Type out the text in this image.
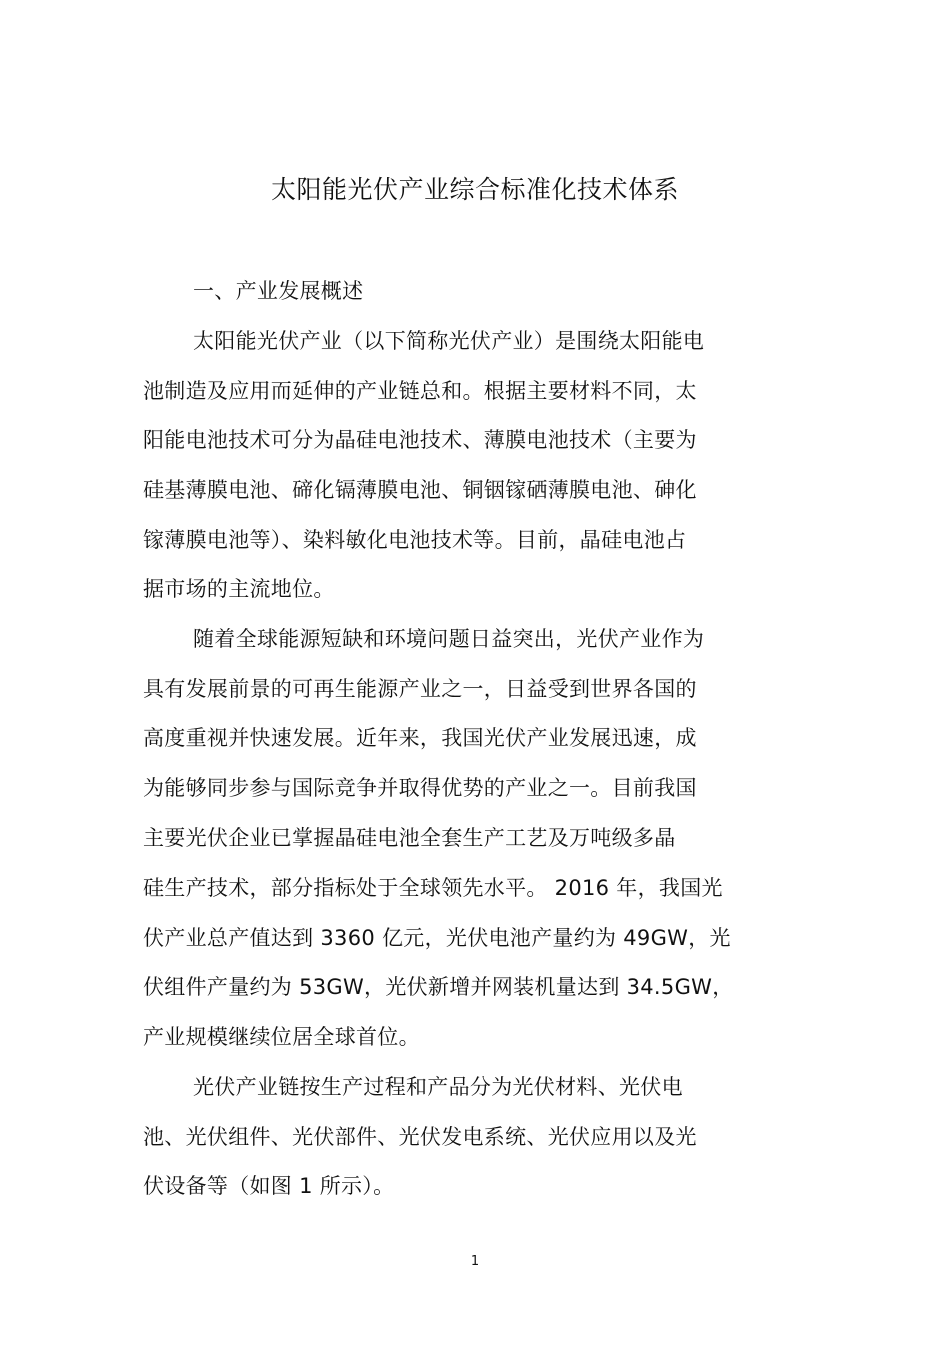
太阳能光伏产业综合标准化技术体系
一、产业发展概述
太阳能光伏产业（以下简称光伏产业）是围绕太阳能电
池制造及应用而延伸的产业链总和。根据主要材料不同，太
阳能电池技术可分为晶硅电池技术、薄膜电池技术（主要为
硅基薄膜电池、碲化镉薄膜电池、铜铟镓硒薄膜电池、砷化
镓薄膜电池等）、染料敏化电池技术等。目前，晶硅电池占
据市场的主流地位。
随着全球能源短缺和环境问题日益突出，光伏产业作为
具有发展前景的可再生能源产业之一，日益受到世界各国的
高度重视并快速发展。近年来，我国光伏产业发展迅速，成
为能够同步参与国际竞争并取得优势的产业之一。目前我国
主要光伏企业已掌握晶硅电池全套生产工艺及万吨级多晶
硅生产技术，部分指标处于全球领先水平。 2016 年，我国光
伏产业总产值达到 3360 亿元，光伏电池产量约为 49GW，光
伏组件产量约为 53GW，光伏新增并网装机量达到 34.5GW，
产业规模继续位居全球首位。
光伏产业链按生产过程和产品分为光伏材料、光伏电
池、光伏组件、光伏部件、光伏发电系统、光伏应用以及光
伏设备等（如图 1 所示）。
1
